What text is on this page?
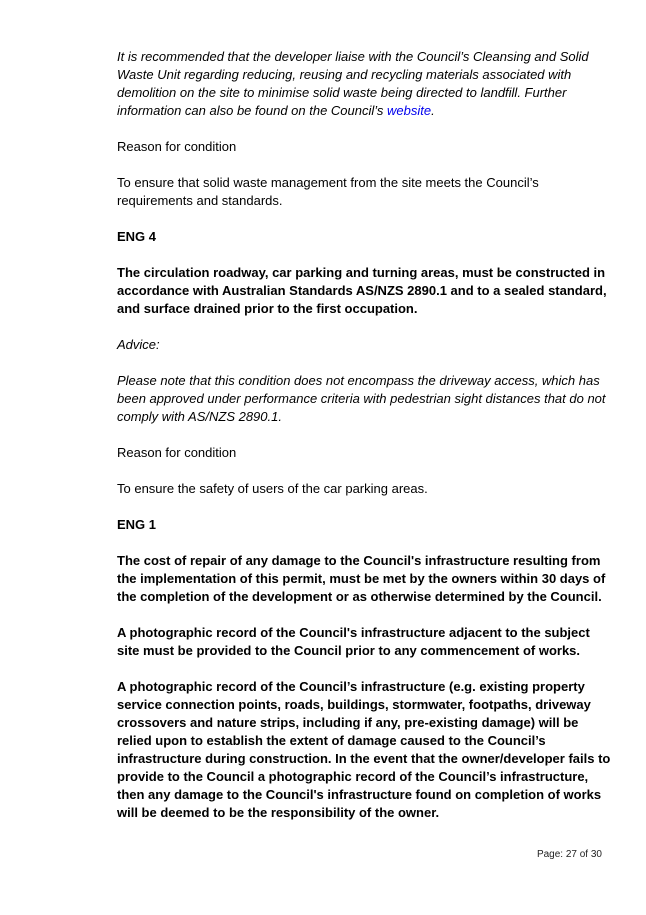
It is recommended that the developer liaise with the Council’s Cleansing and Solid Waste Unit regarding reducing, reusing and recycling materials associated with demolition on the site to minimise solid waste being directed to landfill. Further information can also be found on the Council’s website.

Reason for condition

To ensure that solid waste management from the site meets the Council’s requirements and standards.

ENG 4

The circulation roadway, car parking and turning areas, must be constructed in accordance with Australian Standards AS/NZS 2890.1 and to a sealed standard, and surface drained prior to the first occupation.

Advice:

Please note that this condition does not encompass the driveway access, which has been approved under performance criteria with pedestrian sight distances that do not comply with AS/NZS 2890.1.

Reason for condition

To ensure the safety of users of the car parking areas.

ENG 1

The cost of repair of any damage to the Council's infrastructure resulting from the implementation of this permit, must be met by the owners within 30 days of the completion of the development or as otherwise determined by the Council.

A photographic record of the Council's infrastructure adjacent to the subject site must be provided to the Council prior to any commencement of works.

A photographic record of the Council’s infrastructure (e.g. existing property service connection points, roads, buildings, stormwater, footpaths, driveway crossovers and nature strips, including if any, pre-existing damage) will be relied upon to establish the extent of damage caused to the Council’s infrastructure during construction. In the event that the owner/developer fails to provide to the Council a photographic record of the Council’s infrastructure, then any damage to the Council's infrastructure found on completion of works will be deemed to be the responsibility of the owner.

Page: 27 of 30
